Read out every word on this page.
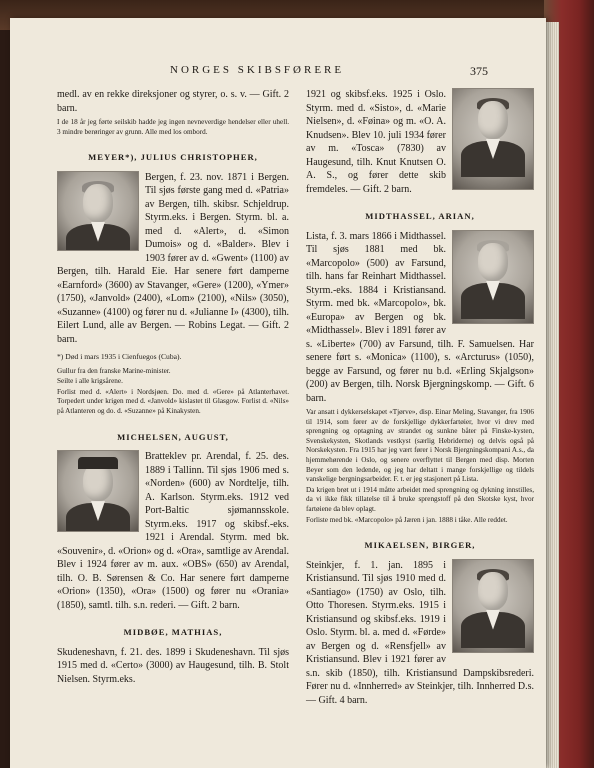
NORGES SKIBSFØRERE	375

medl. av en rekke direksjoner og styrer, o. s. v. — Gift. 2 barn.

I de 18 år jeg førte seilskib hadde jeg ingen nevneverdige hendelser eller uhell. 3 mindre berøringer av grunn. Alle med los ombord.
MEYER*), JULIUS CHRISTOPHER,

Bergen, f. 23. nov. 1871 i Bergen. Til sjøs første gang med d. «Patria» av Bergen, tilh. skibsr. Schjeldrup. Styrm.eks. i Bergen. Styrm. bl. a. med d. «Alert», d. «Simon Dumois» og d. «Balder». Blev i 1903 fører av d. «Gwent» (1100) av Bergen, tilh. Harald Eie. Har senere ført damperne «Earnford» (3600) av Stavanger, «Gere» (1200), «Ymer» (1750), «Janvold» (2400), «Lom» (2100), «Nils» (3050), «Suzanne» (4100) og fører nu d. «Julianne I» (4300), tilh. Eilert Lund, alle av Bergen. — Robins Legat. — Gift. 2 barn.

*) Død i mars 1935 i Cienfuegos (Cuba).

Gullur fra den franske Marine-minister.

Seilte i alle krigsårene.

Forlist med d. «Alert» i Nordsjøen. Do. med d. «Gere» på Atlanterhavet. Torpedert under krigen med d. «Janvold» kislastet til Glasgow. Forlist d. «Nils» på Atlanteren og do. d. «Suzanne» på Kinakysten.

MICHELSEN, AUGUST,

Bratteklev pr. Arendal, f. 25. des. 1889 i Tallinn. Til sjøs 1906 med s. «Norden» (600) av Nordtelje, tilh. A. Karlson. Styrm.eks. 1912 ved Port-Baltic sjømannsskole. Styrm.eks. 1917 og skibsf.-eks. 1921 i Arendal. Styrm. med bk. «Souvenir», d. «Orion» og d. «Ora», samtlige av Arendal. Blev i 1924 fører av m. aux. «OBS» (650) av Arendal, tilh. O. B. Sørensen & Co. Har senere ført damperne «Orion» (1350), «Ora» (1500) og fører nu «Orania» (1850), samtl. tilh. s.n. rederi. — Gift. 2 barn.

MIDBØE, MATHIAS,

Skudeneshavn, f. 21. des. 1899 i Skudeneshavn. Til sjøs 1915 med d. «Certo» (3000) av Haugesund, tilh. B. Stolt Nielsen. Styrm.eks.

1921 og skibsf.eks. 1925 i Oslo. Styrm. med d. «Sisto», d. «Marie Nielsen», d. «Føina» og m. «O. A. Knudsen». Blev 10. juli 1934 fører av m. «Tosca» (7830) av Haugesund, tilh. Knut Knutsen O. A. S., og fører dette skib fremdeles. — Gift. 2 barn.

MIDTHASSEL, ARIAN,

Lista, f. 3. mars 1866 i Midthassel. Til sjøs 1881 med bk. «Marcopolo» (500) av Farsund, tilh. hans far Reinhart Midthassel. Styrm.-eks. 1884 i Kristiansand. Styrm. med bk. «Marcopolo», bk. «Europa» av Bergen og bk. «Midthassel». Blev i 1891 fører av s. «Liberte» (700) av Farsund, tilh. F. Samuelsen. Har senere ført s. «Monica» (1100), s. «Arcturus» (1050), begge av Farsund, og fører nu b.d. «Erling Skjalgson» (200) av Bergen, tilh. Norsk Bjergningskomp. — Gift. 6 barn.

Var ansatt i dykkerselskapet «Tjørve», disp. Einar Meling, Stavanger, fra 1906 til 1914, som fører av de forskjellige dykkerfartøier, hvor vi drev med sprengning og optagning av strandet og sunkne båter på Finske-kysten, Svenskekysten, Skotlands vestkyst (særlig Hebriderne) og delvis også på Norskekysten. Fra 1915 har jeg vært fører i Norsk Bjergningskompani A.s., da hjemmehørende i Oslo, og senere overflyttet til Bergen med disp. Morten Beyer som den ledende, og jeg har deltatt i mange forskjellige og tildels vanskelige bergningsarbeider. F. t. er jeg stasjonert på Lista.

Da krigen brøt ut i 1914 måtte arbeidet med sprengning og dykning innstilles, da vi ikke fikk tillatelse til å bruke sprengstoff på den Skotske kyst, hvor fartøiene da blev oplagt.

Forliste med bk. «Marcopolo» på Jæren i jan. 1888 i tåke. Alle reddet.

MIKAELSEN, BIRGER,

Steinkjer, f. 1. jan. 1895 i Kristiansund. Til sjøs 1910 med d. «Santiago» (1750) av Oslo, tilh. Otto Thoresen. Styrm.eks. 1915 i Kristiansund og skibsf.eks. 1919 i Oslo. Styrm. bl. a. med d. «Førde» av Bergen og d. «Rensfjell» av Kristiansund. Blev i 1921 fører av s.n. skib (1850), tilh. Kristiansund Dampskibsrederi. Fører nu d. «Innherred» av Steinkjer, tilh. Innherred D.s. — Gift. 4 barn.
